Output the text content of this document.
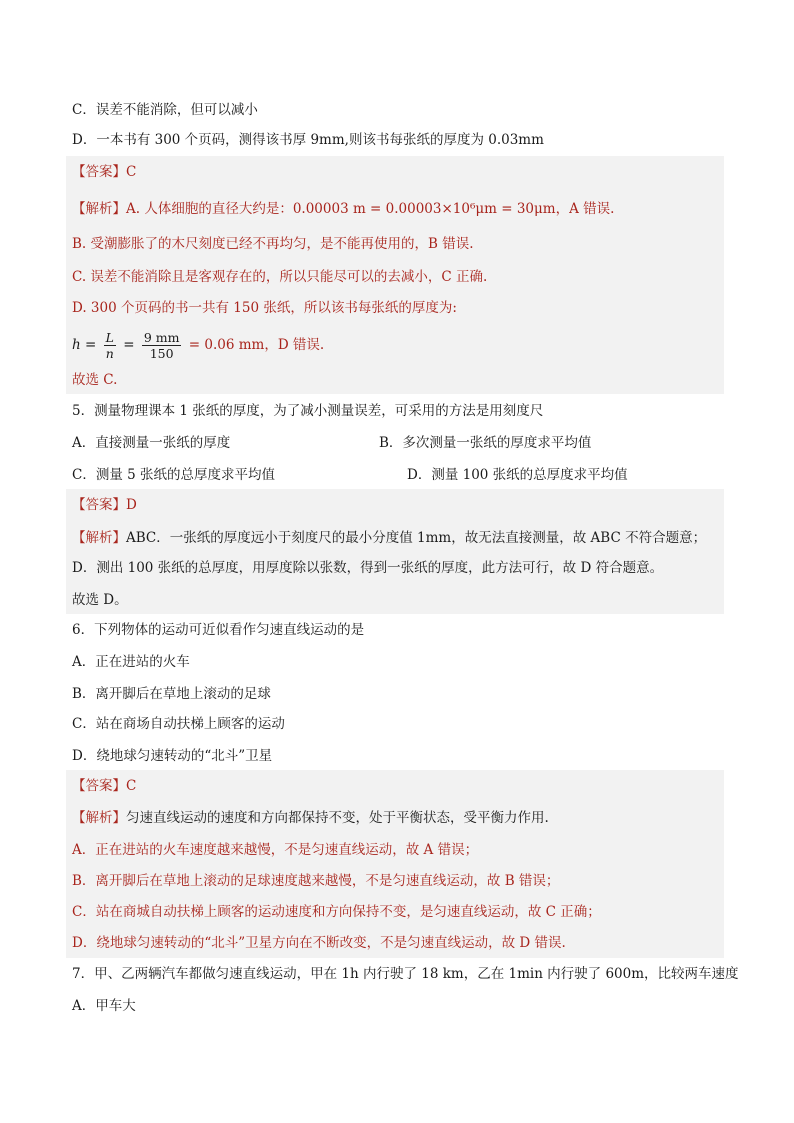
C．误差不能消除，但可以减小
D．一本书有 300 个页码，测得该书厚 9mm,则该书每张纸的厚度为 0.03mm
【答案】C
【解析】A. 人体细胞的直径大约是：0.00003 m = 0.00003×10⁶μm = 30μm，A 错误.
B. 受潮膨胀了的木尺刻度已经不再均匀，是不能再使用的，B 错误.
C. 误差不能消除且是客观存在的，所以只能尽可以的去减小，C 正确.
D. 300 个页码的书一共有 150 张纸，所以该书每张纸的厚度为:
$h = \frac{L}{n} = \frac{9 mm}{150} = 0.06$ mm，D 错误.
故选 C.
5．测量物理课本 1 张纸的厚度，为了减小测量误差，可采用的方法是用刻度尺
A．直接测量一张纸的厚度	B．多次测量一张纸的厚度求平均值
C．测量 5 张纸的总厚度求平均值	D．测量 100 张纸的总厚度求平均值
【答案】D
【解析】ABC．一张纸的厚度远小于刻度尺的最小分度值 1mm，故无法直接测量，故 ABC 不符合题意；
D．测出 100 张纸的总厚度，用厚度除以张数，得到一张纸的厚度，此方法可行，故 D 符合题意。
故选 D。
6．下列物体的运动可近似看作匀速直线运动的是
A．正在进站的火车
B．离开脚后在草地上滚动的足球
C．站在商场自动扶梯上顾客的运动
D．绕地球匀速转动的“北斗”卫星
【答案】C
【解析】匀速直线运动的速度和方向都保持不变，处于平衡状态，受平衡力作用.
A．正在进站的火车速度越来越慢，不是匀速直线运动，故 A 错误；
B．离开脚后在草地上滚动的足球速度越来越慢，不是匀速直线运动，故 B 错误；
C．站在商城自动扶梯上顾客的运动速度和方向保持不变，是匀速直线运动，故 C 正确；
D．绕地球匀速转动的“北斗”卫星方向在不断改变，不是匀速直线运动，故 D 错误.
7．甲、乙两辆汽车都做匀速直线运动，甲在 1h 内行驶了 18 km，乙在 1min 内行驶了 600m，比较两车速度
A．甲车大
